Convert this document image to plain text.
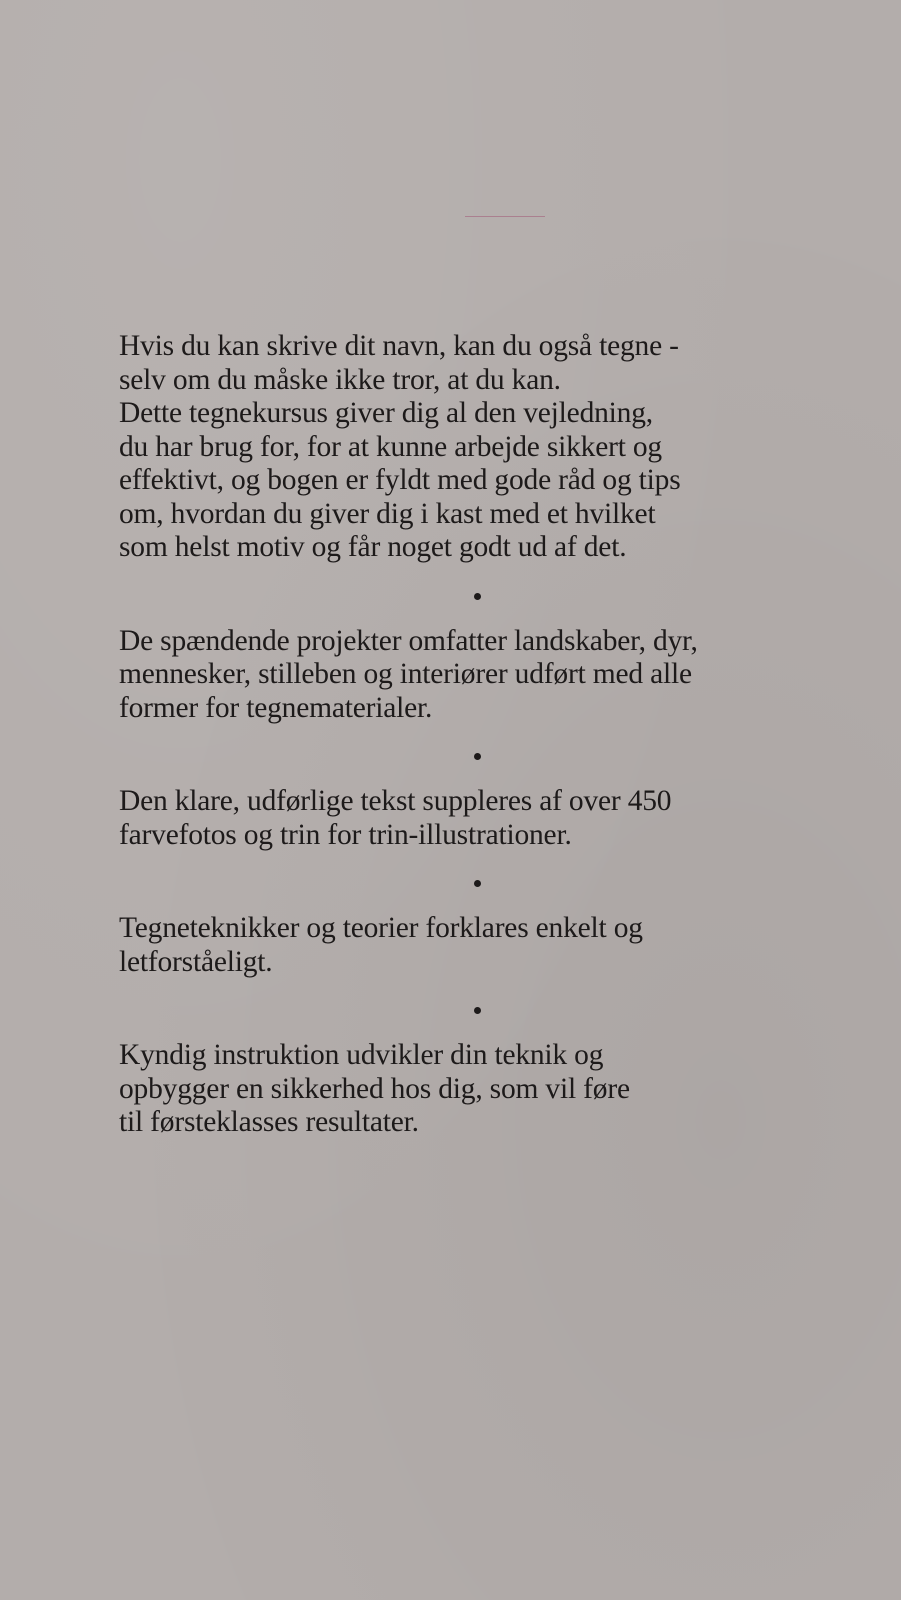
Hvis du kan skrive dit navn, kan du også tegne -
selv om du måske ikke tror, at du kan.
Dette tegnekursus giver dig al den vejledning,
du har brug for, for at kunne arbejde sikkert og
effektivt, og bogen er fyldt med gode råd og tips
om, hvordan du giver dig i kast med et hvilket
som helst motiv og får noget godt ud af det.

De spændende projekter omfatter landskaber, dyr,
mennesker, stilleben og interiører udført med alle
former for tegnematerialer.

Den klare, udførlige tekst suppleres af over 450
farvefotos og trin for trin-illustrationer.

Tegneteknikker og teorier forklares enkelt og
letforståeligt.

Kyndig instruktion udvikler din teknik og
opbygger en sikkerhed hos dig, som vil føre
til førsteklasses resultater.
